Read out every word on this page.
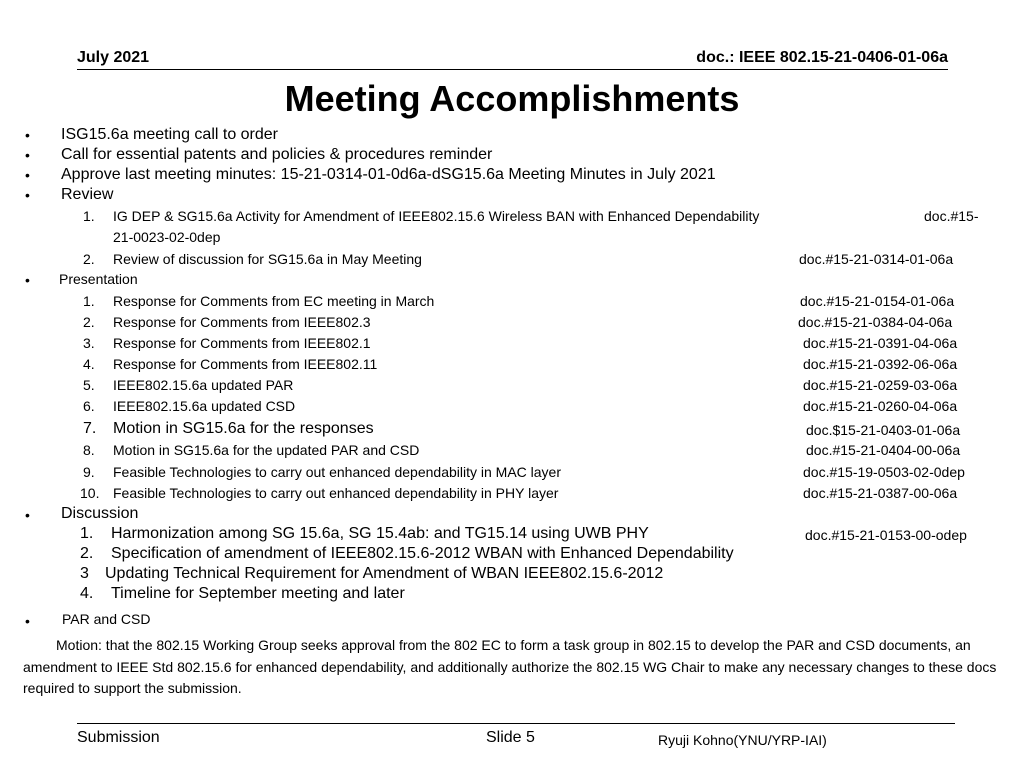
July 2021	doc.: IEEE 802.15-21-0406-01-06a
Meeting Accomplishments
• ISG15.6a meeting call to order
• Call for essential patents and policies & procedures reminder
• Approve last meeting minutes: 15-21-0314-01-0d6a-dSG15.6a Meeting Minutes in July 2021
• Review
1. IG DEP & SG15.6a Activity for Amendment of IEEE802.15.6 Wireless BAN with Enhanced Dependability	doc.#15-
21-0023-02-0dep
2. Review of discussion for SG15.6a in May Meeting	doc.#15-21-0314-01-06a
• Presentation
1. Response for Comments from EC meeting in March	doc.#15-21-0154-01-06a
2. Response for Comments from IEEE802.3	doc.#15-21-0384-04-06a
3. Response for Comments from IEEE802.1	doc.#15-21-0391-04-06a
4. Response for Comments from IEEE802.11	doc.#15-21-0392-06-06a
5. IEEE802.15.6a updated PAR	doc.#15-21-0259-03-06a
6. IEEE802.15.6a updated CSD	doc.#15-21-0260-04-06a
7. Motion in SG15.6a for the responses	doc.$15-21-0403-01-06a
8. Motion in SG15.6a for the updated PAR and CSD	doc.#15-21-0404-00-06a
9. Feasible Technologies to carry out enhanced dependability in MAC layer	doc.#15-19-0503-02-0dep
10. Feasible Technologies to carry out enhanced dependability in PHY layer	doc.#15-21-0387-00-06a
• Discussion
1. Harmonization among SG 15.6a, SG 15.4ab: and TG15.14 using UWB PHY	doc.#15-21-0153-00-odep
2. Specification of amendment of IEEE802.15.6-2012 WBAN with Enhanced Dependability
3 Updating Technical Requirement for Amendment of WBAN IEEE802.15.6-2012
4. Timeline for September meeting and later
• PAR and CSD
Motion: that the 802.15 Working Group seeks approval from the 802 EC to form a task group in 802.15 to develop the PAR and CSD documents, an amendment to IEEE Std 802.15.6 for enhanced dependability, and additionally authorize the 802.15 WG Chair to make any necessary changes to these docs required to support the submission.
Submission	Slide 5	Ryuji Kohno(YNU/YRP-IAI)
